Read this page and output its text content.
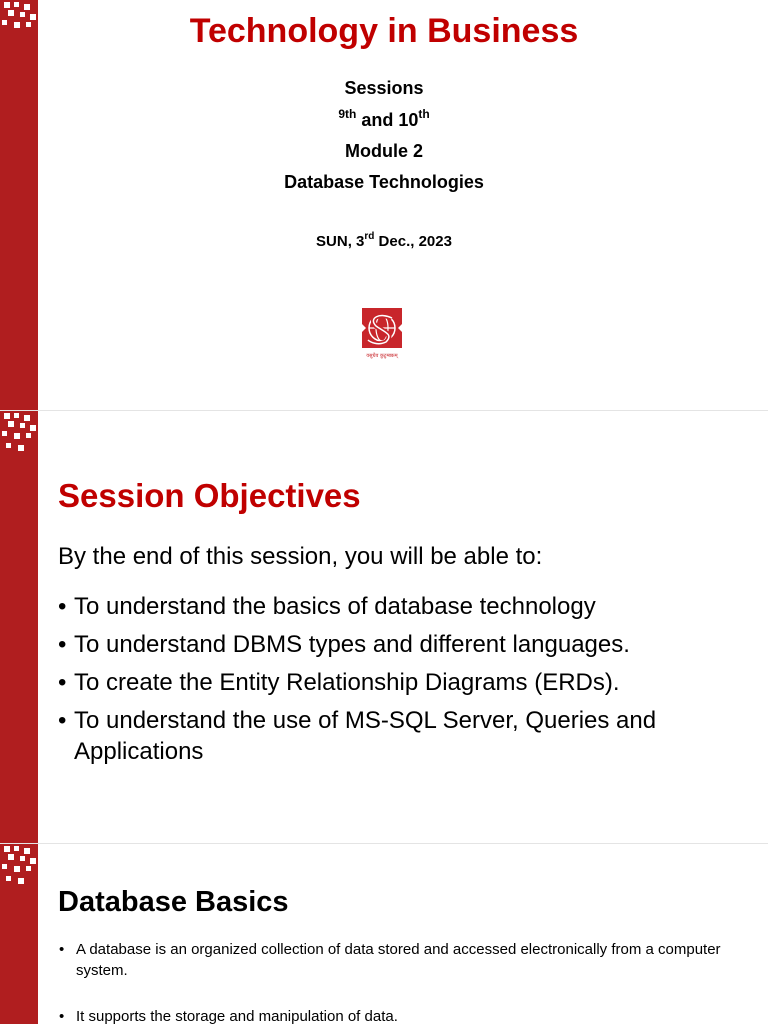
Technology in Business
Sessions
$^{9th}$ and 10th
Module 2
Database Technologies
SUN, 3rd Dec., 2023
वसुधैव कुटुम्बकम्
Session Objectives
By the end of this session, you will be able to:
• To understand the basics of database technology
• To understand DBMS types and different languages.
• To create the Entity Relationship Diagrams (ERDs).
• To understand the use of MS-SQL Server, Queries and Applications
Database Basics
• A database is an organized collection of data stored and accessed electronically from a computer system.
• It supports the storage and manipulation of data.
